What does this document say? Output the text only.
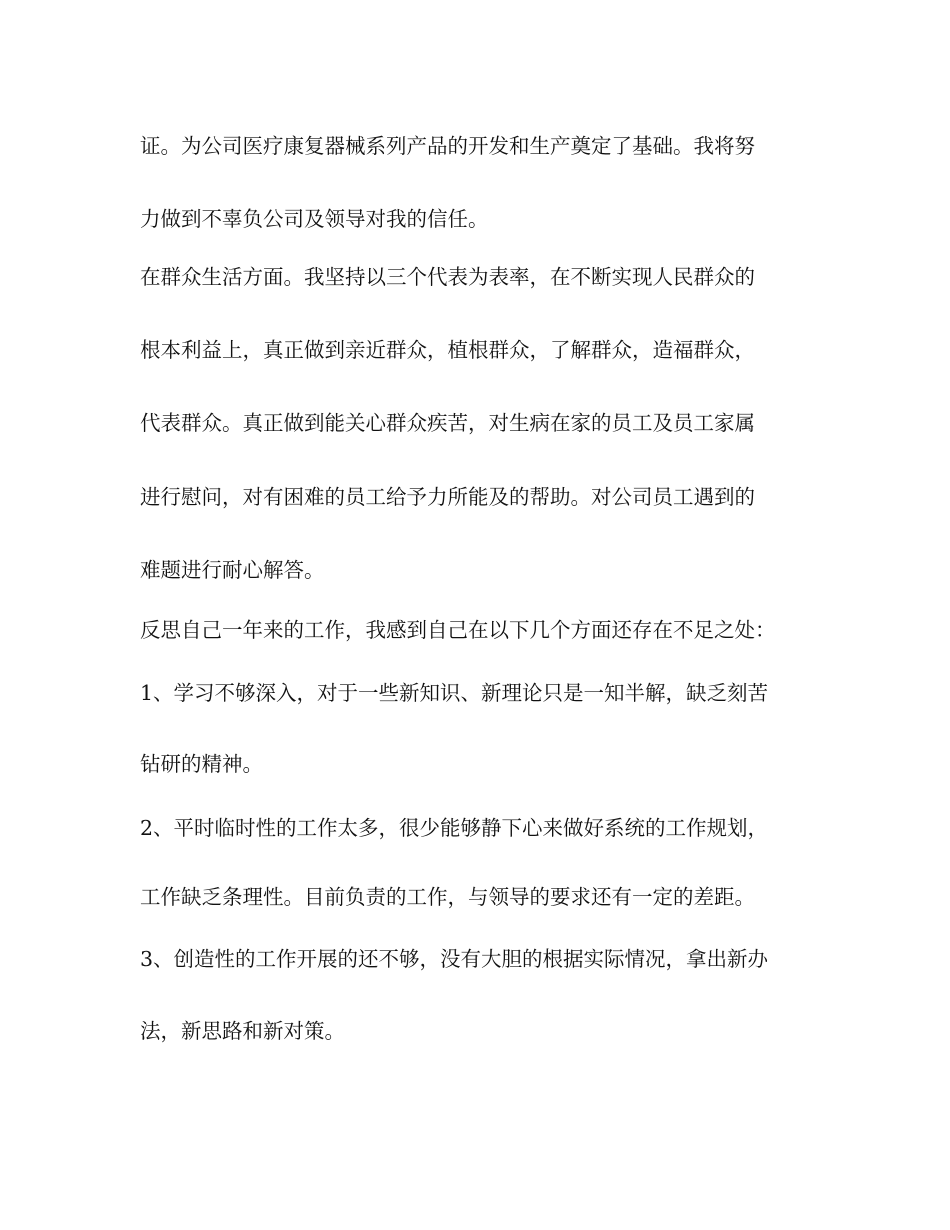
证。为公司医疗康复器械系列产品的开发和生产奠定了基础。我将努
力做到不辜负公司及领导对我的信任。
在群众生活方面。我坚持以三个代表为表率，在不断实现人民群众的
根本利益上，真正做到亲近群众，植根群众，了解群众，造福群众，
代表群众。真正做到能关心群众疾苦，对生病在家的员工及员工家属
进行慰问，对有困难的员工给予力所能及的帮助。对公司员工遇到的
难题进行耐心解答。
反思自己一年来的工作，我感到自己在以下几个方面还存在不足之处：
1、学习不够深入，对于一些新知识、新理论只是一知半解，缺乏刻苦
钻研的精神。
2、平时临时性的工作太多，很少能够静下心来做好系统的工作规划，
工作缺乏条理性。目前负责的工作，与领导的要求还有一定的差距。
3、创造性的工作开展的还不够，没有大胆的根据实际情况，拿出新办
法，新思路和新对策。
